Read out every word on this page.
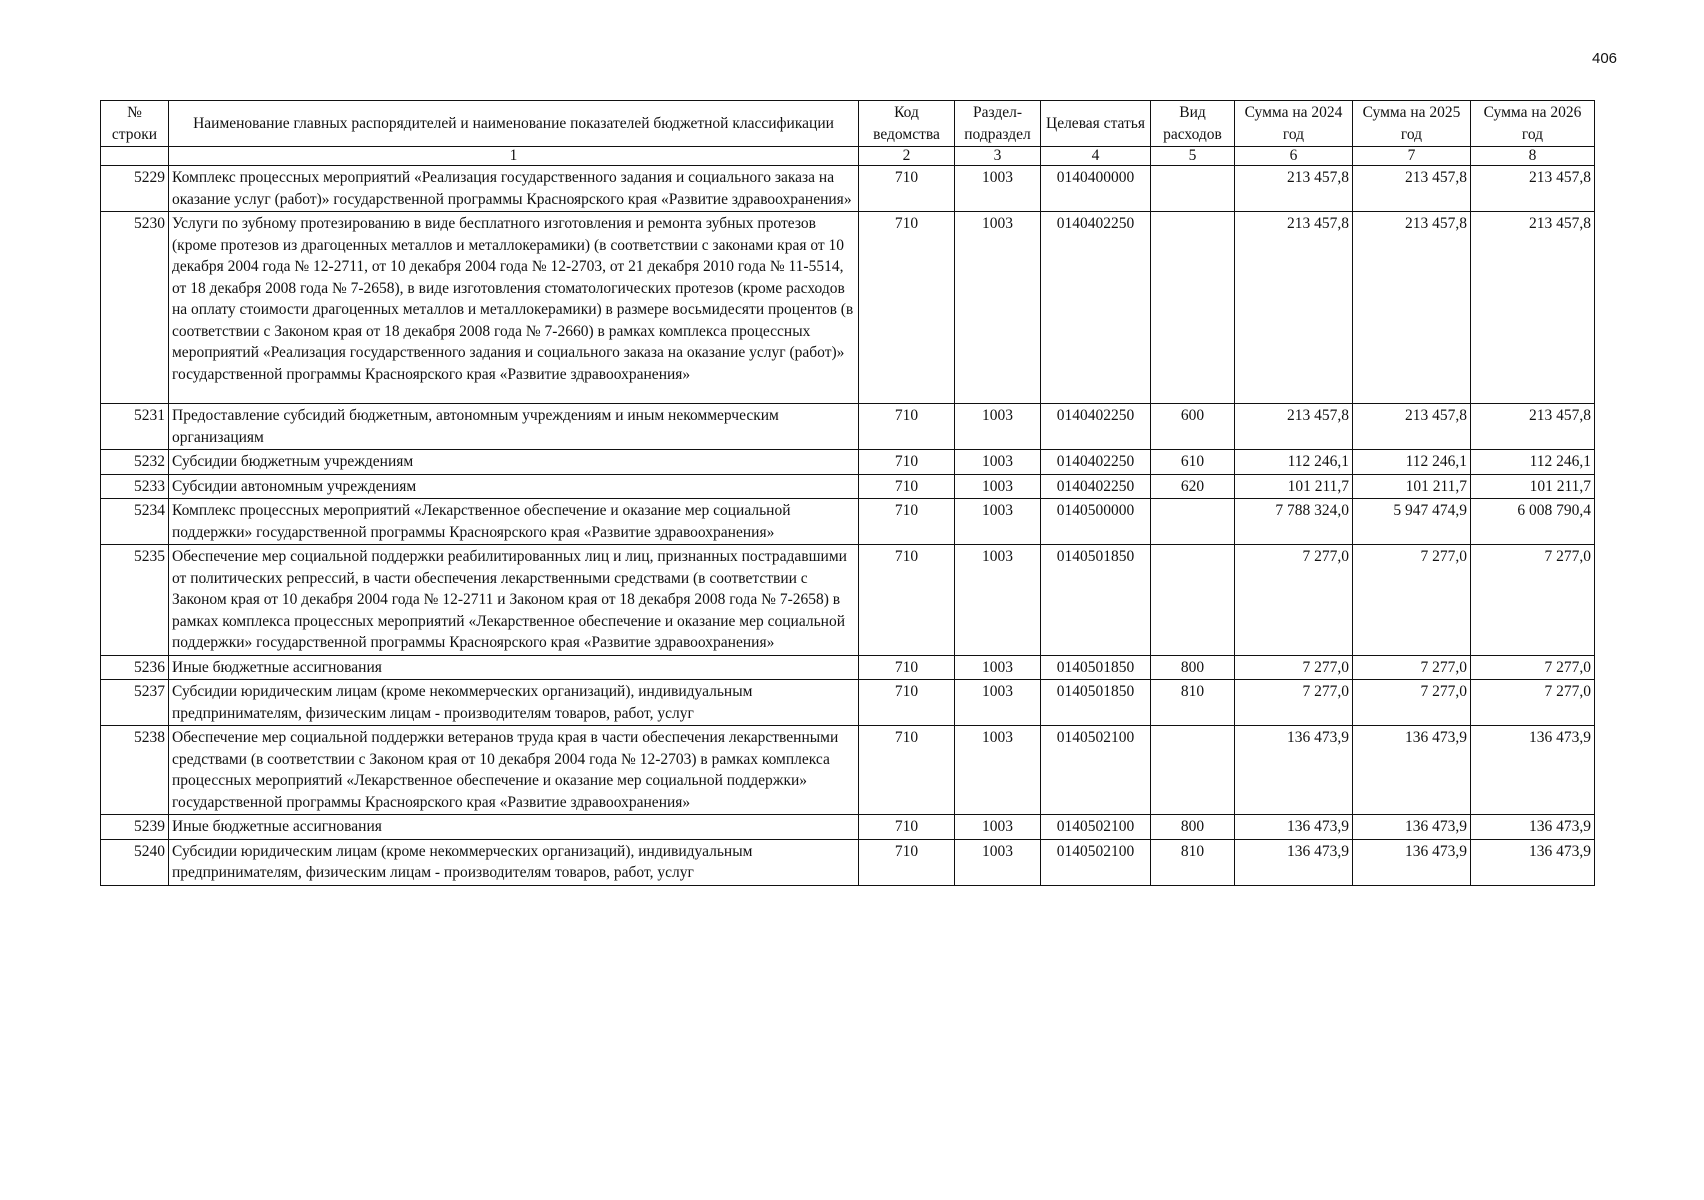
406
№ строки	Наименование главных распорядителей и наименование показателей бюджетной классификации	Код ведомства	Раздел-подраздел	Целевая статья	Вид расходов	Сумма на 2024 год	Сумма на 2025 год	Сумма на 2026 год
	1	2	3	4	5	6	7	8
5229	Комплекс процессных мероприятий «Реализация государственного задания и социального заказа на оказание услуг (работ)» государственной программы Красноярского края «Развитие здравоохранения»	710	1003	0140400000		213 457,8	213 457,8	213 457,8
5230	Услуги по зубному протезированию в виде бесплатного изготовления и ремонта зубных протезов (кроме протезов из драгоценных металлов и металлокерамики) (в соответствии с законами края от 10 декабря 2004 года № 12-2711, от 10 декабря 2004 года № 12-2703, от 21 декабря 2010 года № 11-5514, от 18 декабря 2008 года № 7-2658), в виде изготовления стоматологических протезов (кроме расходов на оплату стоимости драгоценных металлов и металлокерамики) в размере восьмидесяти процентов (в соответствии с Законом края от 18 декабря 2008 года № 7-2660) в рамках комплекса процессных мероприятий «Реализация государственного задания и социального заказа на оказание услуг (работ)» государственной программы Красноярского края «Развитие здравоохранения»	710	1003	0140402250		213 457,8	213 457,8	213 457,8
5231	Предоставление субсидий бюджетным, автономным учреждениям и иным некоммерческим организациям	710	1003	0140402250	600	213 457,8	213 457,8	213 457,8
5232	Субсидии бюджетным учреждениям	710	1003	0140402250	610	112 246,1	112 246,1	112 246,1
5233	Субсидии автономным учреждениям	710	1003	0140402250	620	101 211,7	101 211,7	101 211,7
5234	Комплекс процессных мероприятий «Лекарственное обеспечение и оказание мер социальной поддержки» государственной программы Красноярского края «Развитие здравоохранения»	710	1003	0140500000		7 788 324,0	5 947 474,9	6 008 790,4
5235	Обеспечение мер социальной поддержки реабилитированных лиц и лиц, признанных пострадавшими от политических репрессий, в части обеспечения лекарственными средствами (в соответствии с Законом края от 10 декабря 2004 года № 12-2711 и Законом края от 18 декабря 2008 года № 7-2658) в рамках комплекса процессных мероприятий «Лекарственное обеспечение и оказание мер социальной поддержки» государственной программы Красноярского края «Развитие здравоохранения»	710	1003	0140501850		7 277,0	7 277,0	7 277,0
5236	Иные бюджетные ассигнования	710	1003	0140501850	800	7 277,0	7 277,0	7 277,0
5237	Субсидии юридическим лицам (кроме некоммерческих организаций), индивидуальным предпринимателям, физическим лицам - производителям товаров, работ, услуг	710	1003	0140501850	810	7 277,0	7 277,0	7 277,0
5238	Обеспечение мер социальной поддержки ветеранов труда края в части обеспечения лекарственными средствами (в соответствии с Законом края от 10 декабря 2004 года № 12-2703) в рамках комплекса процессных мероприятий «Лекарственное обеспечение и оказание мер социальной поддержки» государственной программы Красноярского края «Развитие здравоохранения»	710	1003	0140502100		136 473,9	136 473,9	136 473,9
5239	Иные бюджетные ассигнования	710	1003	0140502100	800	136 473,9	136 473,9	136 473,9
5240	Субсидии юридическим лицам (кроме некоммерческих организаций), индивидуальным предпринимателям, физическим лицам - производителям товаров, работ, услуг	710	1003	0140502100	810	136 473,9	136 473,9	136 473,9
